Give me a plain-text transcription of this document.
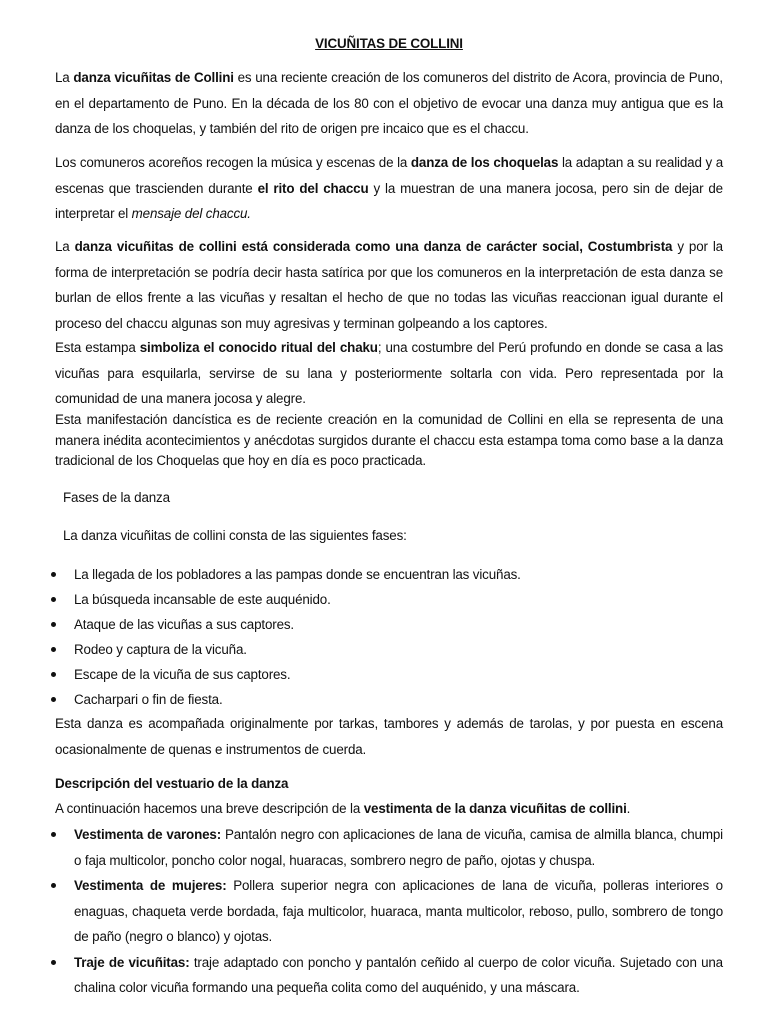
VICUÑITAS DE COLLINI

La danza vicuñitas de Collini es una reciente creación de los comuneros del distrito de Acora, provincia de Puno, en el departamento de Puno. En la década de los 80 con el objetivo de evocar una danza muy antigua que es la danza de los choquelas, y también del rito de origen pre incaico que es el chaccu.

Los comuneros acoreños recogen la música y escenas de la danza de los choquelas la adaptan a su realidad y a escenas que trascienden durante el rito del chaccu y la muestran de una manera jocosa, pero sin de dejar de interpretar el mensaje del chaccu.

La danza vicuñitas de collini está considerada como una danza de carácter social, Costumbrista y por la forma de interpretación se podría decir hasta satírica por que los comuneros en la interpretación de esta danza se burlan de ellos frente a las vicuñas y resaltan el hecho de que no todas las vicuñas reaccionan igual durante el proceso del chaccu algunas son muy agresivas y terminan golpeando a los captores.

Esta estampa simboliza el conocido ritual del chaku; una costumbre del Perú profundo en donde se casa a las vicuñas para esquilarla, servirse de su lana y posteriormente soltarla con vida. Pero representada por la comunidad de una manera jocosa y alegre.

Esta manifestación dancística es de reciente creación en la comunidad de Collini en ella se representa de una manera inédita acontecimientos y anécdotas surgidos durante el chaccu esta estampa toma como base a la danza tradicional de los Choquelas que hoy en día es poco practicada.

Fases de la danza

La danza vicuñitas de collini consta de las siguientes fases:

La llegada de los pobladores a las pampas donde se encuentran las vicuñas.
La búsqueda incansable de este auquénido.
Ataque de las vicuñas a sus captores.
Rodeo y captura de la vicuña.
Escape de la vicuña de sus captores.
Cacharpari o fin de fiesta.

Esta danza es acompañada originalmente por tarkas, tambores y además de tarolas, y por puesta en escena ocasionalmente de quenas e instrumentos de cuerda.

Descripción del vestuario de la danza

A continuación hacemos una breve descripción de la vestimenta de la danza vicuñitas de collini.

Vestimenta de varones: Pantalón negro con aplicaciones de lana de vicuña, camisa de almilla blanca, chumpi o faja multicolor, poncho color nogal, huaracas, sombrero negro de paño, ojotas y chuspa.
Vestimenta de mujeres: Pollera superior negra con aplicaciones de lana de vicuña, polleras interiores o enaguas, chaqueta verde bordada, faja multicolor, huaraca, manta multicolor, reboso, pullo, sombrero de tongo de paño (negro o blanco) y ojotas.
Traje de vicuñitas: traje adaptado con poncho y pantalón ceñido al cuerpo de color vicuña. Sujetado con una chalina color vicuña formando una pequeña colita como del auquénido, y una máscara.
